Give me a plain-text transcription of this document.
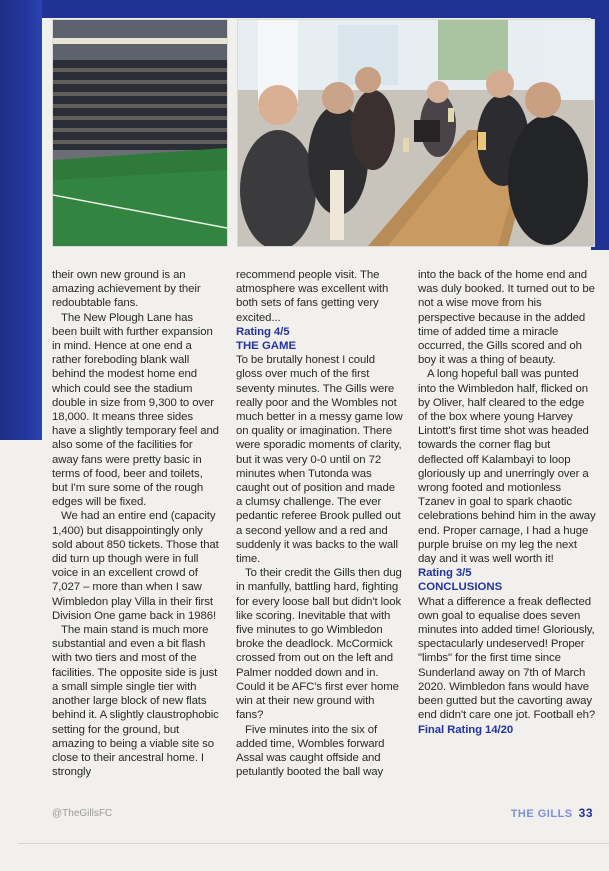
their own new ground is an amazing achievement by their redoubtable fans.

The New Plough Lane has been built with further expansion in mind. Hence at one end a rather foreboding blank wall behind the modest home end which could see the stadium double in size from 9,300 to over 18,000. It means three sides have a slightly temporary feel and also some of the facilities for away fans were pretty basic in terms of food, beer and toilets, but I'm sure some of the rough edges will be fixed.

We had an entire end (capacity 1,400) but disappointingly only sold about 850 tickets. Those that did turn up though were in full voice in an excellent crowd of 7,027 – more than when I saw Wimbledon play Villa in their first Division One game back in 1986!

The main stand is much more substantial and even a bit flash with two tiers and most of the facilities. The opposite side is just a small simple single tier with another large block of new flats behind it. A slightly claustrophobic setting for the ground, but amazing to being a viable site so close to their ancestral home. I strongly

recommend people visit. The atmosphere was excellent with both sets of fans getting very excited...

Rating 4/5

THE GAME

To be brutally honest I could gloss over much of the first seventy minutes. The Gills were really poor and the Wombles not much better in a messy game low on quality or imagination. There were sporadic moments of clarity, but it was very 0-0 until on 72 minutes when Tutonda was caught out of position and made a clumsy challenge. The ever pedantic referee Brook pulled out a second yellow and a red and suddenly it was backs to the wall time.

To their credit the Gills then dug in manfully, battling hard, fighting for every loose ball but didn't look like scoring. Inevitable that with five minutes to go Wimbledon broke the deadlock. McCormick crossed from out on the left and Palmer nodded down and in. Could it be AFC's first ever home win at their new ground with fans?

Five minutes into the six of added time, Wombles forward Assal was caught offside and petulantly booted the ball way

into the back of the home end and was duly booked. It turned out to be not a wise move from his perspective because in the added time of added time a miracle occurred, the Gills scored and oh boy it was a thing of beauty.

A long hopeful ball was punted into the Wimbledon half, flicked on by Oliver, half cleared to the edge of the box where young Harvey Lintott's first time shot was headed towards the corner flag but deflected off Kalambayi to loop gloriously up and unerringly over a wrong footed and motionless Tzanev in goal to spark chaotic celebrations behind him in the away end. Proper carnage, I had a huge purple bruise on my leg the next day and it was well worth it!

Rating 3/5

CONCLUSIONS

What a difference a freak deflected own goal to equalise does seven minutes into added time! Gloriously, spectacularly undeserved! Proper "limbs" for the first time since Sunderland away on 7th of March 2020. Wimbledon fans would have been gutted but the cavorting away end didn't care one jot. Football eh?

Final Rating 14/20

@TheGillsFC	THE GILLS 33
